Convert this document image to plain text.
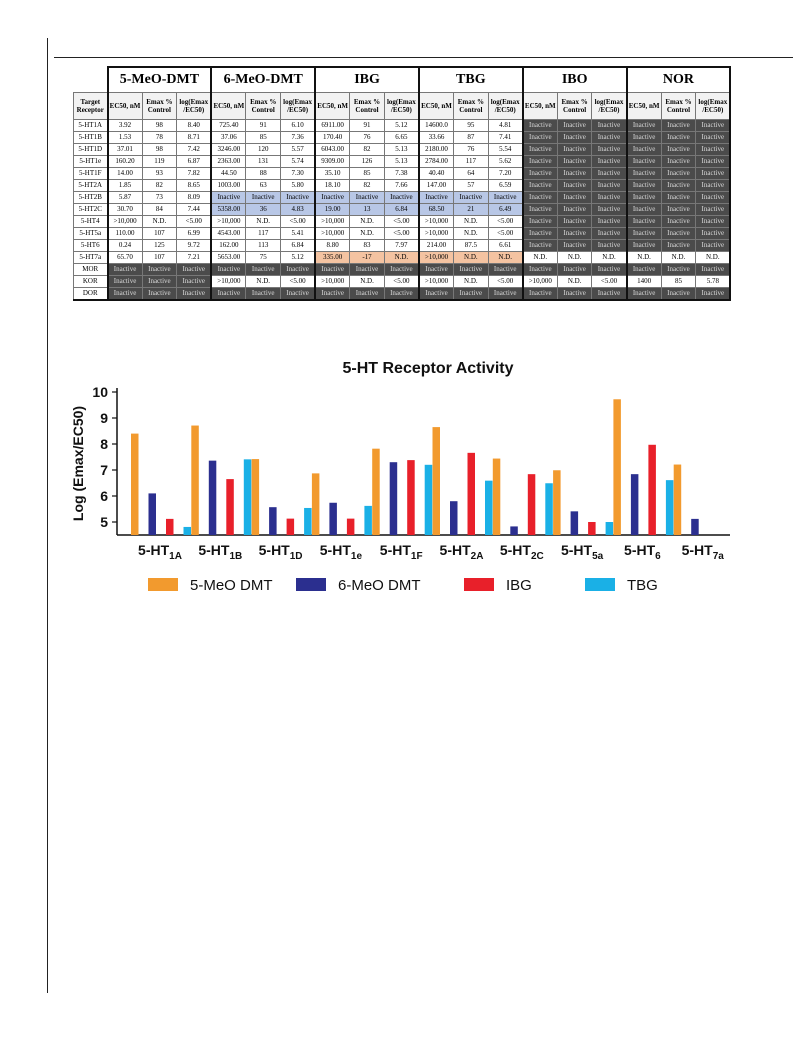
	5-MeO-DMT			6-MeO-DMT			IBG			TBG			IBO			NOR		
Target Receptor	EC50, nM	Emax % Control	log(Emax /EC50)	EC50, nM	Emax % Control	log(Emax /EC50)	EC50, nM	Emax % Control	log(Emax /EC50)	EC50, nM	Emax % Control	log(Emax /EC50)	EC50, nM	Emax % Control	log(Emax /EC50)	EC50, nM	Emax % Control	log(Emax /EC50)
5-HT1A	3.92	98	8.40	725.40	91	6.10	6911.00	91	5.12	14600.0	95	4.81	Inactive	Inactive	Inactive	Inactive	Inactive	Inactive
5-HT1B	1.53	78	8.71	37.06	85	7.36	170.40	76	6.65	33.66	87	7.41	Inactive	Inactive	Inactive	Inactive	Inactive	Inactive
5-HT1D	37.01	98	7.42	3246.00	120	5.57	6043.00	82	5.13	2180.00	76	5.54	Inactive	Inactive	Inactive	Inactive	Inactive	Inactive
5-HT1e	160.20	119	6.87	2363.00	131	5.74	9309.00	126	5.13	2784.00	117	5.62	Inactive	Inactive	Inactive	Inactive	Inactive	Inactive
5-HT1F	14.00	93	7.82	44.50	88	7.30	35.10	85	7.38	40.40	64	7.20	Inactive	Inactive	Inactive	Inactive	Inactive	Inactive
5-HT2A	1.85	82	8.65	1003.00	63	5.80	18.10	82	7.66	147.00	57	6.59	Inactive	Inactive	Inactive	Inactive	Inactive	Inactive
5-HT2B	5.87	73	8.09	Inactive	Inactive	Inactive	Inactive	Inactive	Inactive	Inactive	Inactive	Inactive	Inactive	Inactive	Inactive	Inactive	Inactive	Inactive
5-HT2C	30.70	84	7.44	5358.00	36	4.83	19.00	13	6.84	68.50	21	6.49	Inactive	Inactive	Inactive	Inactive	Inactive	Inactive
5-HT4	>10,000	N.D.	<5.00	>10,000	N.D.	<5.00	>10,000	N.D.	<5.00	>10,000	N.D.	<5.00	Inactive	Inactive	Inactive	Inactive	Inactive	Inactive
5-HT5a	110.00	107	6.99	4543.00	117	5.41	>10,000	N.D.	<5.00	>10,000	N.D.	<5.00	Inactive	Inactive	Inactive	Inactive	Inactive	Inactive
5-HT6	0.24	125	9.72	162.00	113	6.84	8.80	83	7.97	214.00	87.5	6.61	Inactive	Inactive	Inactive	Inactive	Inactive	Inactive
5-HT7a	65.70	107	7.21	5653.00	75	5.12	335.00	-17	N.D.	>10,000	N.D.	N.D.	N.D.	N.D.	N.D.	N.D.	N.D.	N.D.
MOR	Inactive	Inactive	Inactive	Inactive	Inactive	Inactive	Inactive	Inactive	Inactive	Inactive	Inactive	Inactive	Inactive	Inactive	Inactive	Inactive	Inactive	Inactive
KOR	Inactive	Inactive	Inactive	>10,000	N.D.	<5.00	>10,000	N.D.	<5.00	>10,000	N.D.	<5.00	>10,000	N.D.	<5.00	1400	85	5.78
DOR	Inactive	Inactive	Inactive	Inactive	Inactive	Inactive	Inactive	Inactive	Inactive	Inactive	Inactive	Inactive	Inactive	Inactive	Inactive	Inactive	Inactive	Inactive
5-HT Receptor Activity
5
6
7
8
9
10
Log (Emax/EC50)
$5-HT_{1A}$ $5-HT_{1B}$ $5-HT_{1D}$ $5-HT_{1e}$ $5-HT_{1F}$ $5-HT_{2A}$ $5-HT_{2C}$ $5-HT_{5a}$ $5-HT_6$ $5-HT_{7a}$
5-MeO DMT	6-MeO DMT	IBG	TBG
